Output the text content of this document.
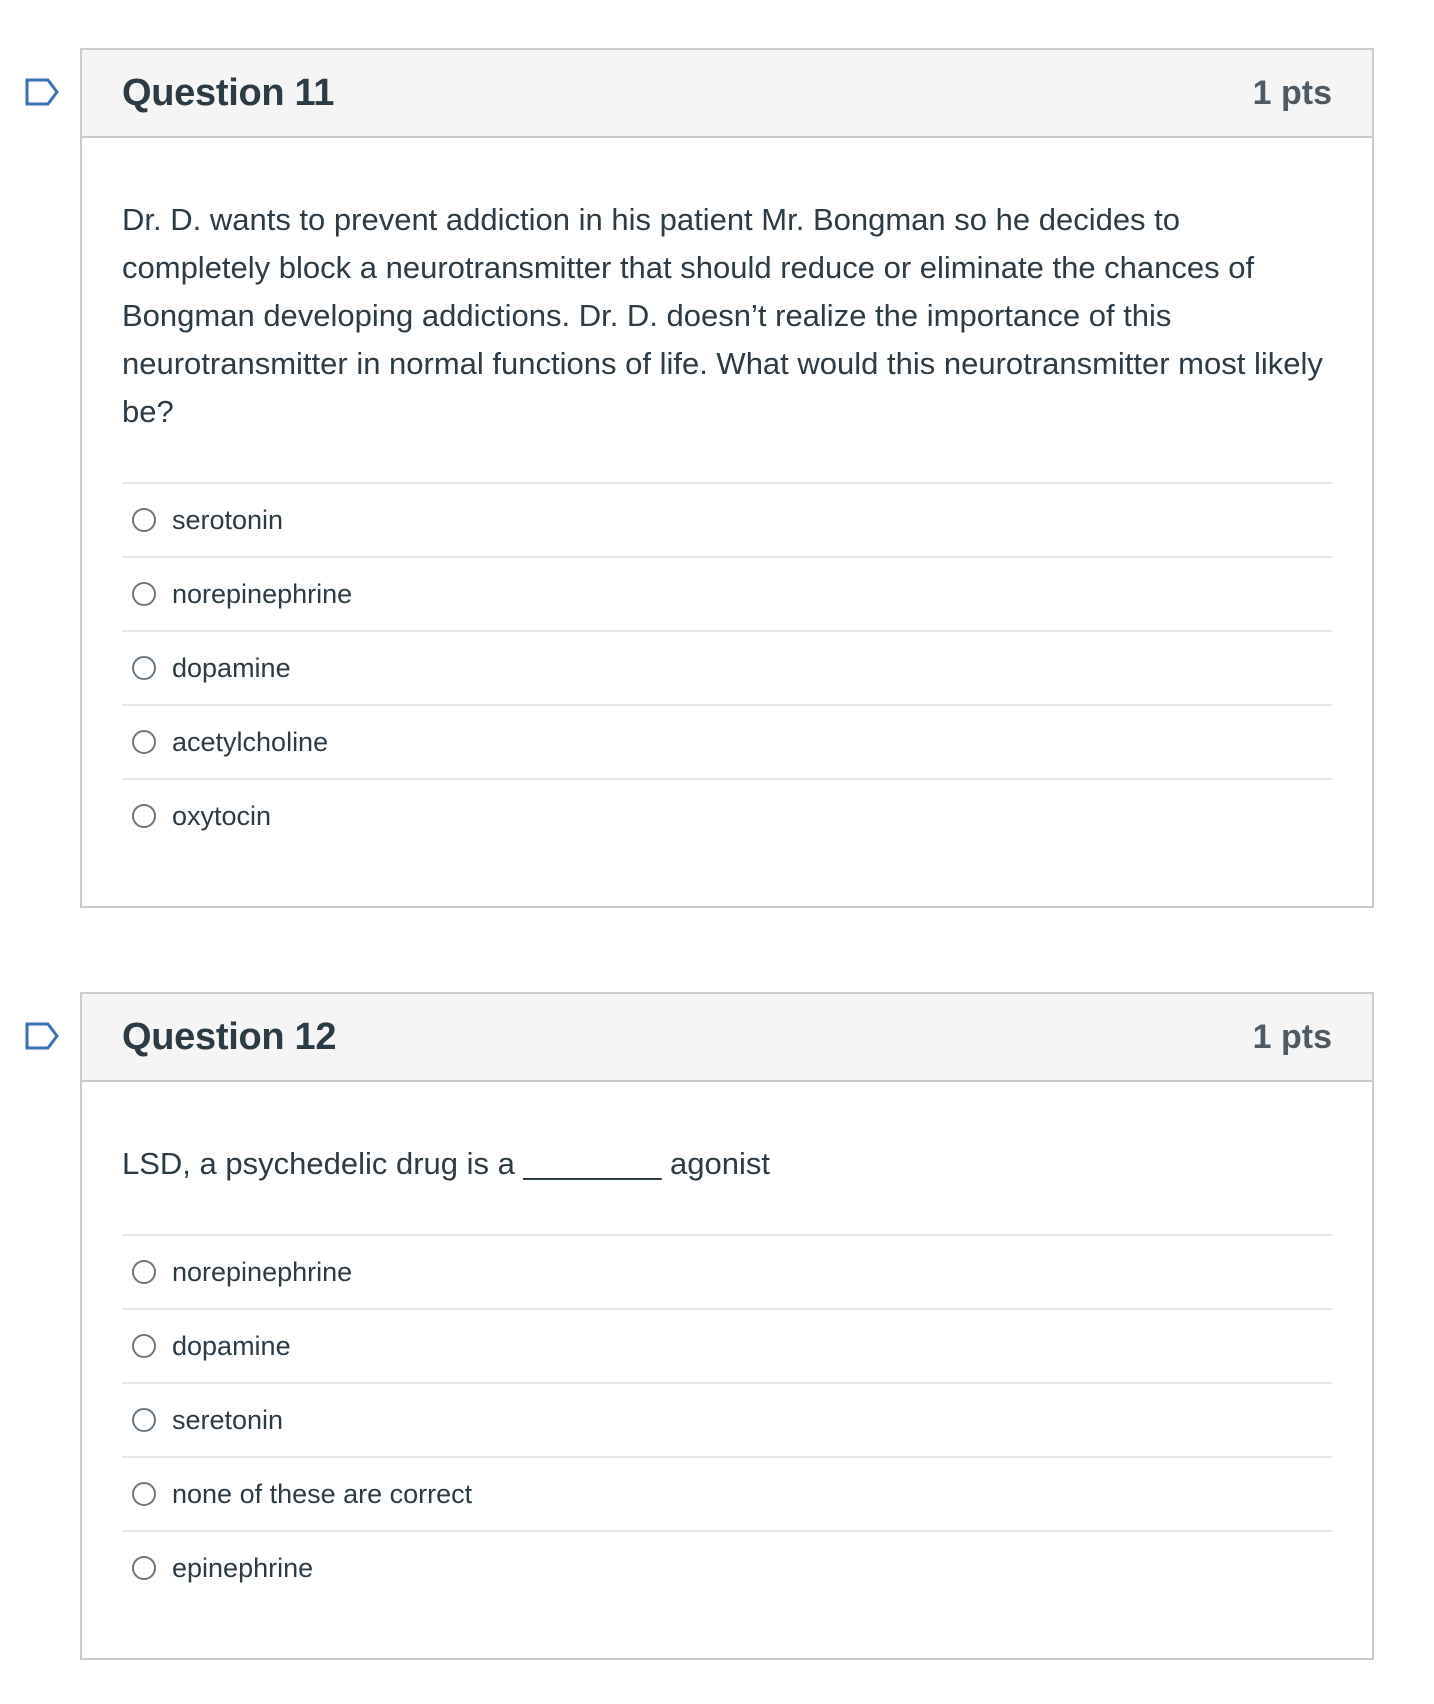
Question 11	1 pts

Dr. D. wants to prevent addiction in his patient Mr. Bongman so he decides to completely block a neurotransmitter that should reduce or eliminate the chances of Bongman developing addictions. Dr. D. doesn’t realize the importance of this neurotransmitter in normal functions of life. What would this neurotransmitter most likely be?

serotonin
norepinephrine
dopamine
acetylcholine
oxytocin
Question 12	1 pts

LSD, a psychedelic drug is a ________ agonist

norepinephrine
dopamine
seretonin
none of these are correct
epinephrine
